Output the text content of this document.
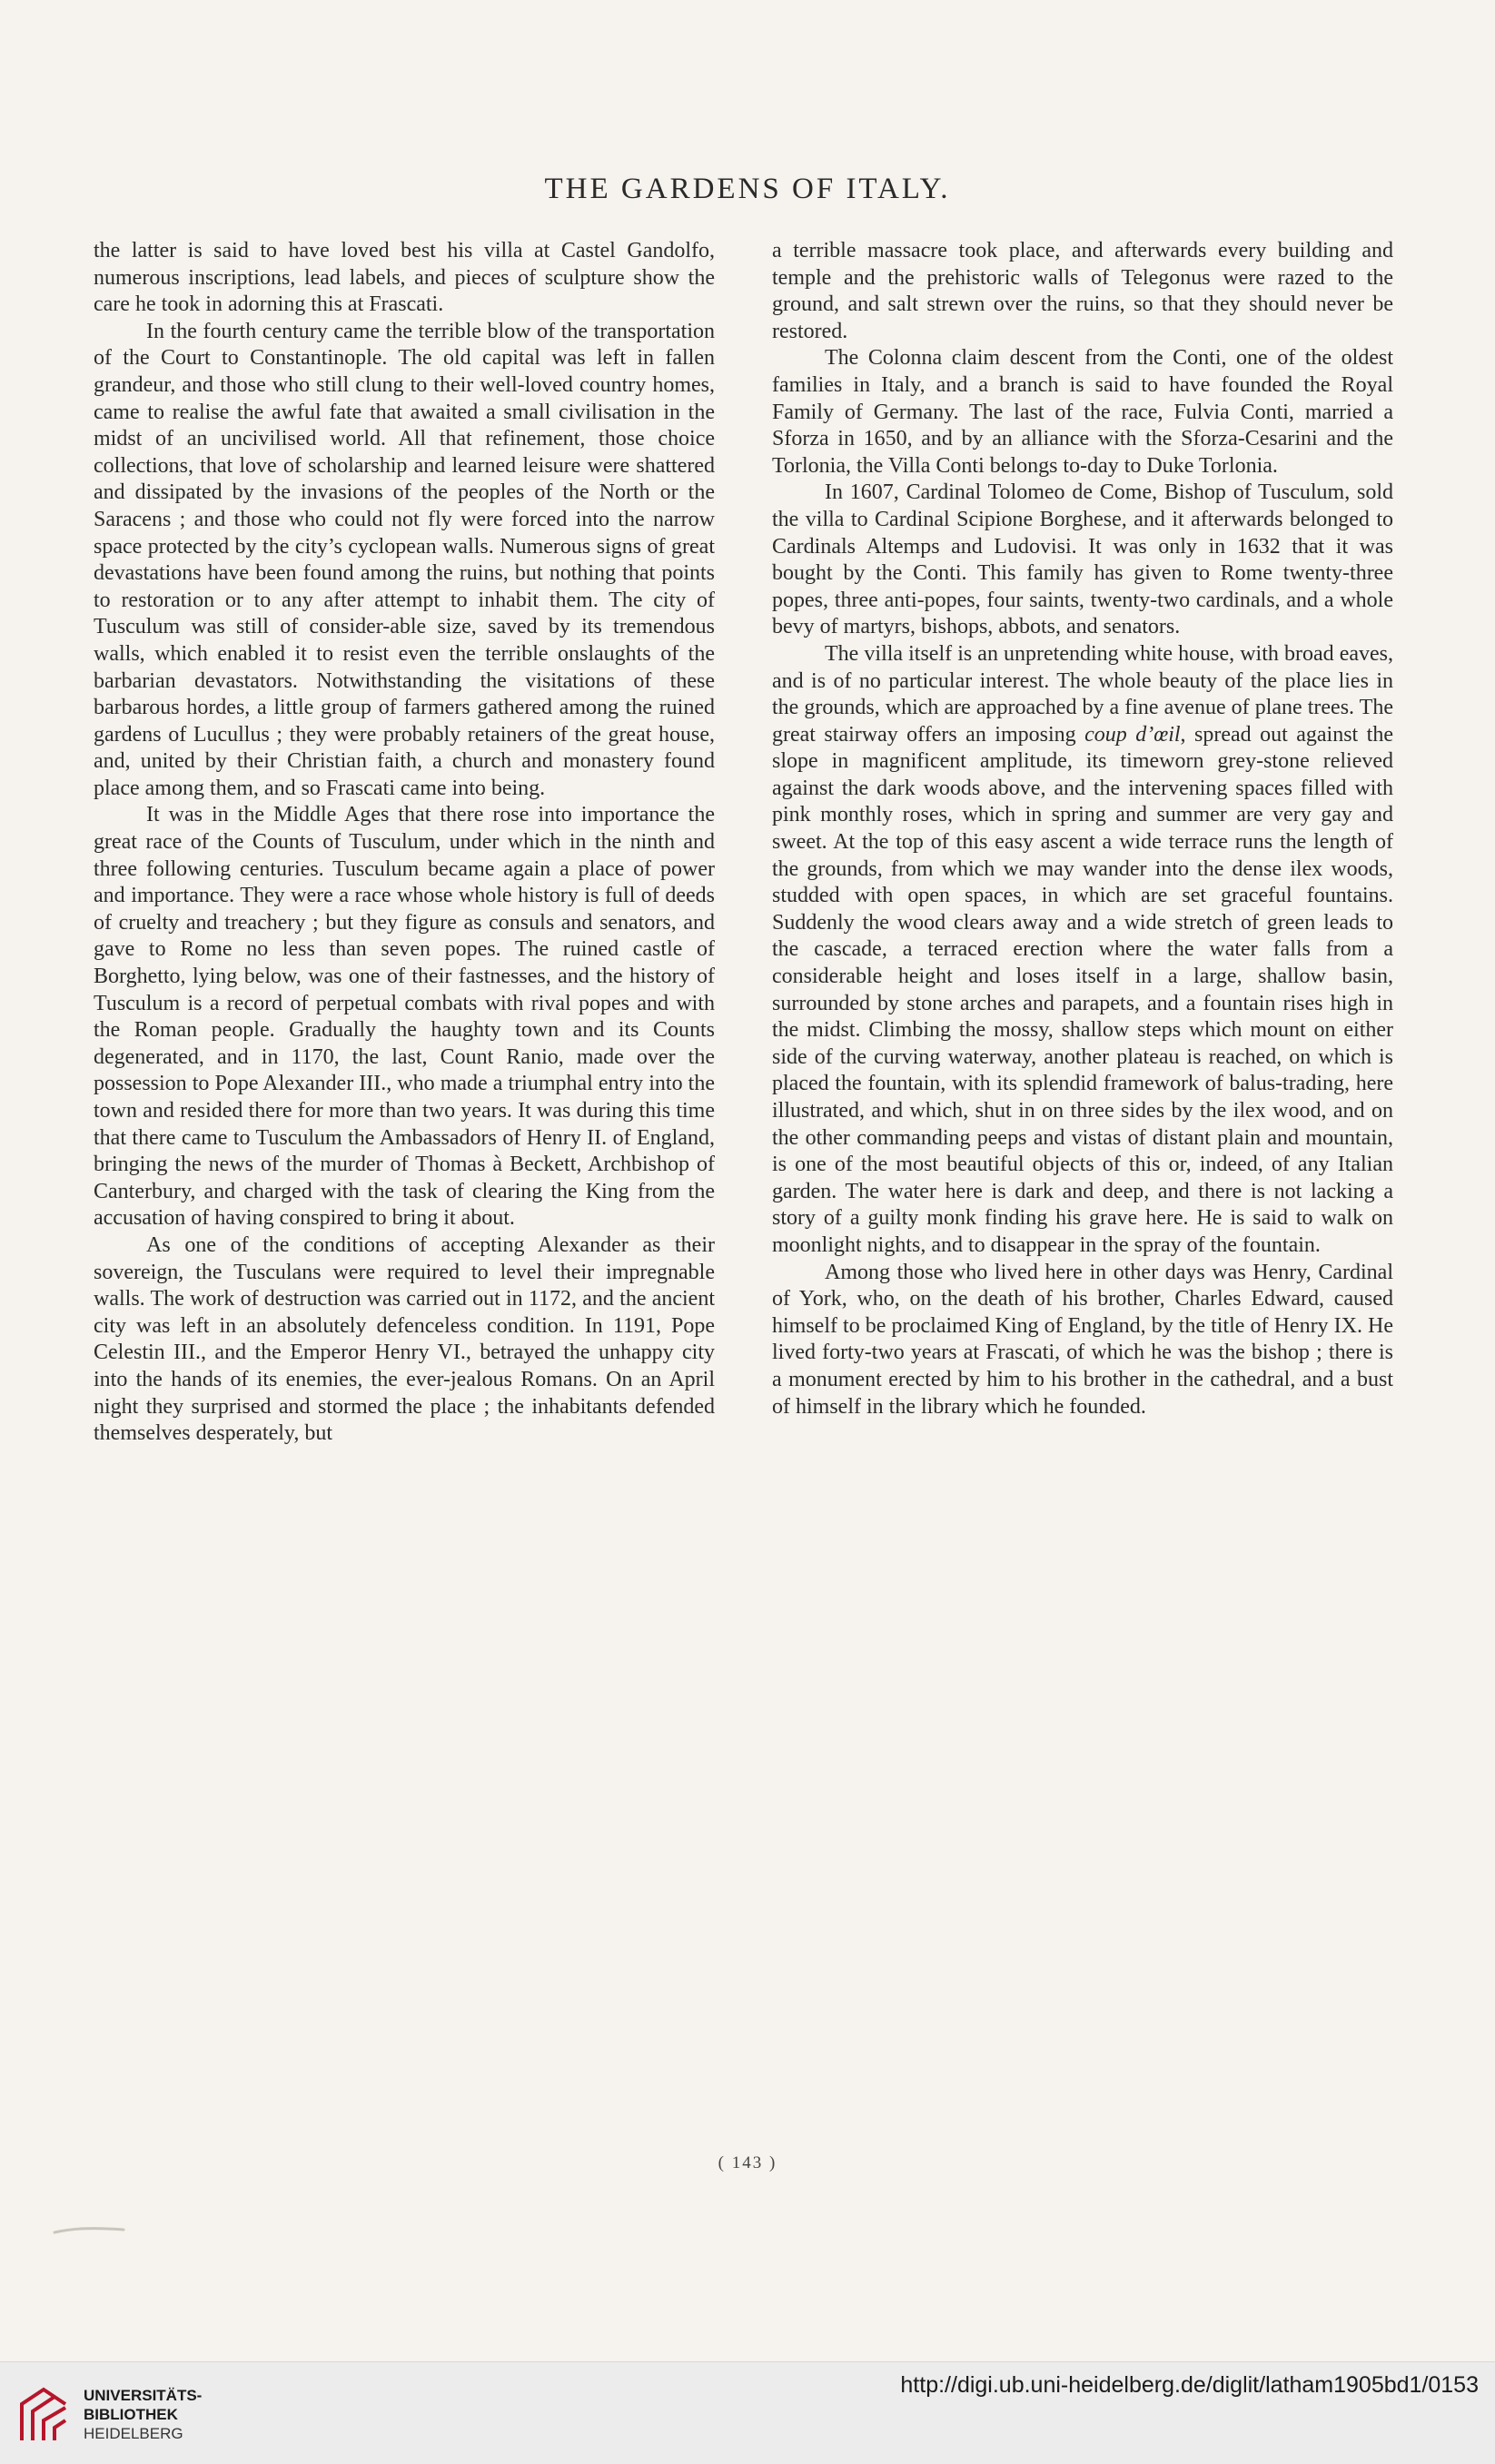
THE GARDENS OF ITALY.

the latter is said to have loved best his villa at Castel Gandolfo, numerous inscriptions, lead labels, and pieces of sculpture show the care he took in adorning this at Frascati.

In the fourth century came the terrible blow of the transportation of the Court to Constantinople. The old capital was left in fallen grandeur, and those who still clung to their well-loved country homes, came to realise the awful fate that awaited a small civilisation in the midst of an uncivilised world. All that refinement, those choice collections, that love of scholarship and learned leisure were shattered and dissipated by the invasions of the peoples of the North or the Saracens ; and those who could not fly were forced into the narrow space protected by the city’s cyclopean walls. Numerous signs of great devastations have been found among the ruins, but nothing that points to restoration or to any after attempt to inhabit them. The city of Tusculum was still of consider-able size, saved by its tremendous walls, which enabled it to resist even the terrible onslaughts of the barbarian devastators. Notwithstanding the visitations of these barbarous hordes, a little group of farmers gathered among the ruined gardens of Lucullus ; they were probably retainers of the great house, and, united by their Christian faith, a church and monastery found place among them, and so Frascati came into being.

It was in the Middle Ages that there rose into importance the great race of the Counts of Tusculum, under which in the ninth and three following centuries. Tusculum became again a place of power and importance. They were a race whose whole history is full of deeds of cruelty and treachery ; but they figure as consuls and senators, and gave to Rome no less than seven popes. The ruined castle of Borghetto, lying below, was one of their fastnesses, and the history of Tusculum is a record of perpetual combats with rival popes and with the Roman people. Gradually the haughty town and its Counts degenerated, and in 1170, the last, Count Ranio, made over the possession to Pope Alexander III., who made a triumphal entry into the town and resided there for more than two years. It was during this time that there came to Tusculum the Ambassadors of Henry II. of England, bringing the news of the murder of Thomas à Beckett, Archbishop of Canterbury, and charged with the task of clearing the King from the accusation of having conspired to bring it about.

As one of the conditions of accepting Alexander as their sovereign, the Tusculans were required to level their impregnable walls. The work of destruction was carried out in 1172, and the ancient city was left in an absolutely defenceless condition. In 1191, Pope Celestin III., and the Emperor Henry VI., betrayed the unhappy city into the hands of its enemies, the ever-jealous Romans. On an April night they surprised and stormed the place ; the inhabitants defended themselves desperately, but

a terrible massacre took place, and afterwards every building and temple and the prehistoric walls of Telegonus were razed to the ground, and salt strewn over the ruins, so that they should never be restored.

The Colonna claim descent from the Conti, one of the oldest families in Italy, and a branch is said to have founded the Royal Family of Germany. The last of the race, Fulvia Conti, married a Sforza in 1650, and by an alliance with the Sforza-Cesarini and the Torlonia, the Villa Conti belongs to-day to Duke Torlonia.

In 1607, Cardinal Tolomeo de Come, Bishop of Tusculum, sold the villa to Cardinal Scipione Borghese, and it afterwards belonged to Cardinals Altemps and Ludovisi. It was only in 1632 that it was bought by the Conti. This family has given to Rome twenty-three popes, three anti-popes, four saints, twenty-two cardinals, and a whole bevy of martyrs, bishops, abbots, and senators.

The villa itself is an unpretending white house, with broad eaves, and is of no particular interest. The whole beauty of the place lies in the grounds, which are approached by a fine avenue of plane trees. The great stairway offers an imposing coup d’œil, spread out against the slope in magnificent amplitude, its timeworn grey-stone relieved against the dark woods above, and the intervening spaces filled with pink monthly roses, which in spring and summer are very gay and sweet. At the top of this easy ascent a wide terrace runs the length of the grounds, from which we may wander into the dense ilex woods, studded with open spaces, in which are set graceful fountains. Suddenly the wood clears away and a wide stretch of green leads to the cascade, a terraced erection where the water falls from a considerable height and loses itself in a large, shallow basin, surrounded by stone arches and parapets, and a fountain rises high in the midst. Climbing the mossy, shallow steps which mount on either side of the curving waterway, another plateau is reached, on which is placed the fountain, with its splendid framework of balus-trading, here illustrated, and which, shut in on three sides by the ilex wood, and on the other commanding peeps and vistas of distant plain and mountain, is one of the most beautiful objects of this or, indeed, of any Italian garden. The water here is dark and deep, and there is not lacking a story of a guilty monk finding his grave here. He is said to walk on moonlight nights, and to disappear in the spray of the fountain.

Among those who lived here in other days was Henry, Cardinal of York, who, on the death of his brother, Charles Edward, caused himself to be proclaimed King of England, by the title of Henry IX. He lived forty-two years at Frascati, of which he was the bishop ; there is a monument erected by him to his brother in the cathedral, and a bust of himself in the library which he founded.

( 143 )
UNIVERSITÄTS-
BIBLIOTHEK
HEIDELBERG
http://digi.ub.uni-heidelberg.de/diglit/latham1905bd1/0153
